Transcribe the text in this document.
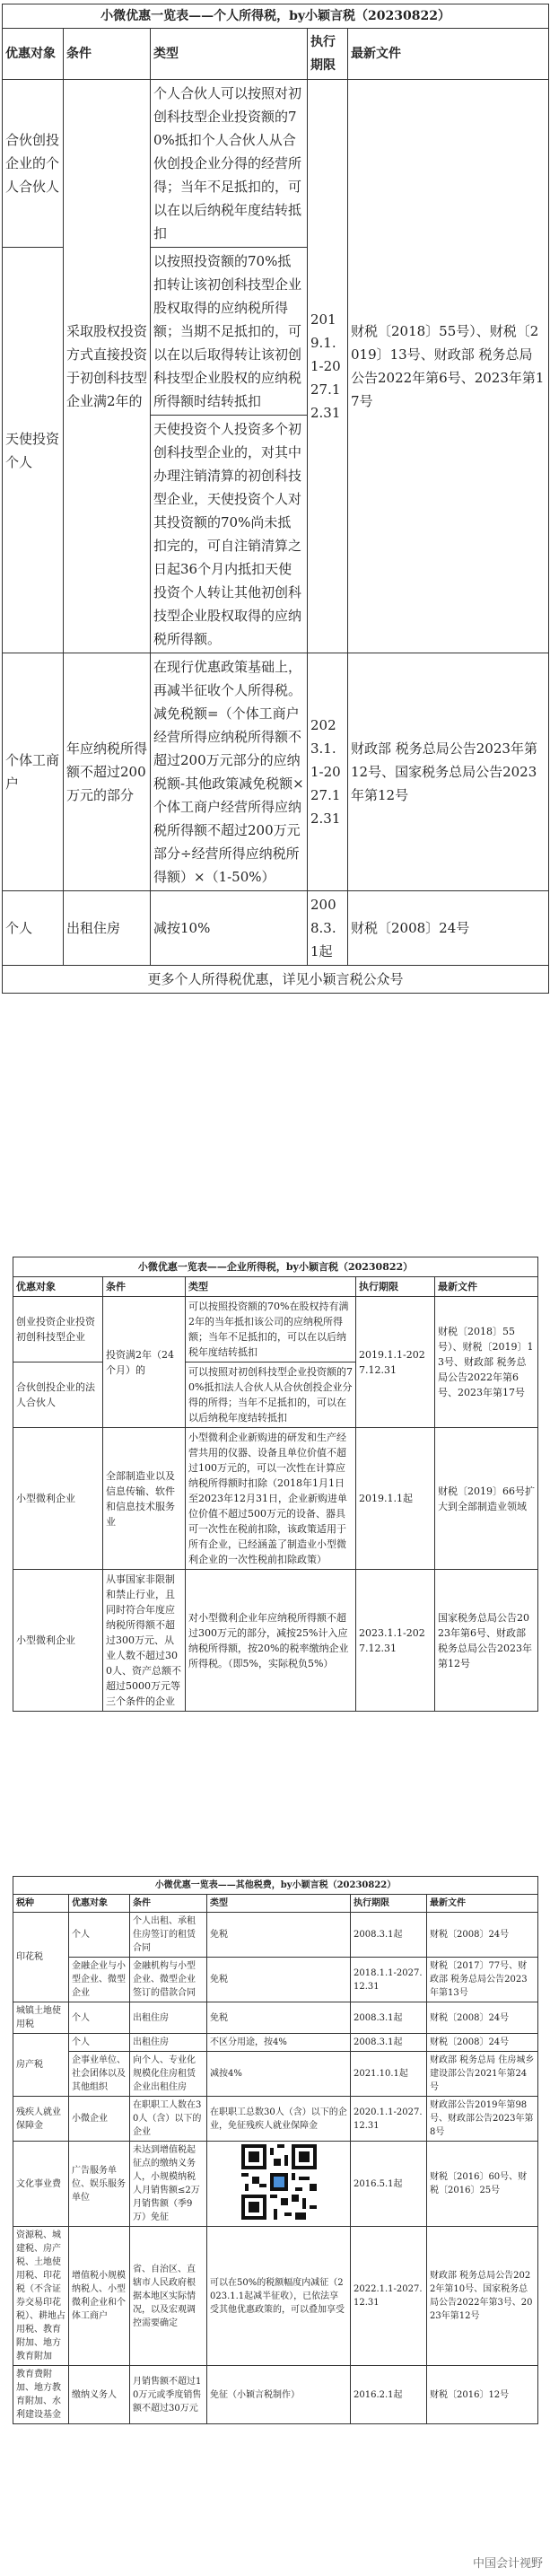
小微优惠一览表——个人所得税，by小颖言税（20230822）				
优惠对象	条件	类型	执行期限	最新文件
合伙创投企业的个人合伙人	采取股权投资方式直接投资于初创科技型企业满2年的	个人合伙人可以按照对初创科技型企业投资额的70%抵扣个人合伙人从合伙创投企业分得的经营所得；当年不足抵扣的，可以在以后纳税年度结转抵扣	2019.1.1-2027.12.31	财税〔2018〕55号）、财税〔2019〕13号、财政部 税务总局公告2022年第6号、2023年第17号
天使投资个人		以按照投资额的70%抵扣转让该初创科技型企业股权取得的应纳税所得额；当期不足抵扣的，可以在以后取得转让该初创科技型企业股权的应纳税所得额时结转抵扣		
		天使投资个人投资多个初创科技型企业的，对其中办理注销清算的初创科技型企业，天使投资个人对其投资额的70%尚未抵扣完的，可自注销清算之日起36个月内抵扣天使投资个人转让其他初创科技型企业股权取得的应纳税所得额。		
个体工商户	年应纳税所得额不超过200万元的部分	在现行优惠政策基础上，再减半征收个人所得税。减免税额=（个体工商户经营所得应纳税所得额不超过200万元部分的应纳税额-其他政策减免税额×个体工商户经营所得应纳税所得额不超过200万元部分÷经营所得应纳税所得额）×（1-50%）	2023.1.1-2027.12.31	财政部 税务总局公告2023年第12号、国家税务总局公告2023年第12号
个人	出租住房	减按10%	2008.3.1起	财税〔2008〕24号
更多个人所得税优惠，详见小颖言税公众号				
小微优惠一览表——企业所得税，by小颖言税（20230822）				
优惠对象	条件	类型	执行期限	最新文件
创业投资企业投资初创科技型企业	投资满2年（24个月）的	可以按照投资额的70%在股权持有满2年的当年抵扣该公司的应纳税所得额；当年不足抵扣的，可以在以后纳税年度结转抵扣	2019.1.1-2027.12.31	财税〔2018〕55号）、财税〔2019〕13号、财政部 税务总局公告2022年第6号、2023年第17号
合伙创投企业的法人合伙人		可以按照对初创科技型企业投资额的70%抵扣法人合伙人从合伙创投企业分得的所得；当年不足抵扣的，可以在以后纳税年度结转抵扣		
小型微利企业	全部制造业以及信息传输、软件和信息技术服务业	小型微利企业新购进的研发和生产经营共用的仪器、设备且单位价值不超过100万元的，可以一次性在计算应纳税所得额时扣除（2018年1月1日至2023年12月31日，企业新购进单位价值不超过500万元的设备、器具可一次性在税前扣除，该政策适用于所有企业，已经涵盖了制造业小型微利企业的一次性税前扣除政策）	2019.1.1起	财税〔2019〕66号扩大到全部制造业领域
小型微利企业	从事国家非限制和禁止行业，且同时符合年度应纳税所得额不超过300万元、从业人数不超过300人、资产总额不超过5000万元等三个条件的企业	对小型微利企业年应纳税所得额不超过300万元的部分，减按25%计入应纳税所得额，按20%的税率缴纳企业所得税。（即5%，实际税负5%）	2023.1.1-2027.12.31	国家税务总局公告2023年第6号、财政部 税务总局公告2023年第12号
小微优惠一览表——其他税费，by小颖言税（20230822）					
税种	优惠对象	条件	类型	执行期限	最新文件
印花税	个人	个人出租、承租住房签订的租赁合同	免税	2008.3.1起	财税〔2008〕24号
	金融企业与小型企业、微型企业	金融机构与小型企业、微型企业签订的借款合同	免税	2018.1.1-2027.12.31	财税〔2017〕77号、财政部 税务总局公告2023年第13号
城镇土地使用税	个人	出租住房	免税	2008.3.1起	财税〔2008〕24号
房产税	个人	出租住房	不区分用途，按4%	2008.3.1起	财税〔2008〕24号
	企事业单位、社会团体以及其他组织	向个人、专业化规模化住房租赁企业出租住房	减按4%	2021.10.1起	财政部 税务总局 住房城乡建设部公告2021年第24号
残疾人就业保障金	小微企业	在职职工人数在30人（含）以下的企业	在职职工总数30人（含）以下的企业，免征残疾人就业保障金	2020.1.1-2027.12.31	财政部公告2019年第98号、财政部公告2023年第8号
文化事业费	广告服务单位、娱乐服务单位	未达到增值税起征点的缴纳义务人，小规模纳税人月销售额≤2万月销售额（季9万）免征		2016.5.1起	财税〔2016〕60号、财税〔2016〕25号
资源税、城建税、房产税、土地使用税、印花税（不含证券交易印花税）、耕地占用税、教育附加、地方教育附加	增值税小规模纳税人、小型微利企业和个体工商户	省、自治区、直辖市人民政府根据本地区实际情况，以及宏观调控需要确定	可以在50%的税额幅度内减征（2023.1.1起减半征收），已依法享受其他优惠政策的，可以叠加享受	2022.1.1-2027.12.31	财政部 税务总局公告2022年第10号、国家税务总局公告2022年第3号、2023年第12号
教育费附加、地方教育附加、水利建设基金	缴纳义务人	月销售额不超过10万元或季度销售额不超过30万元	免征（小颖言税制作）	2016.2.1起	财税〔2016〕12号
中国会计视野
